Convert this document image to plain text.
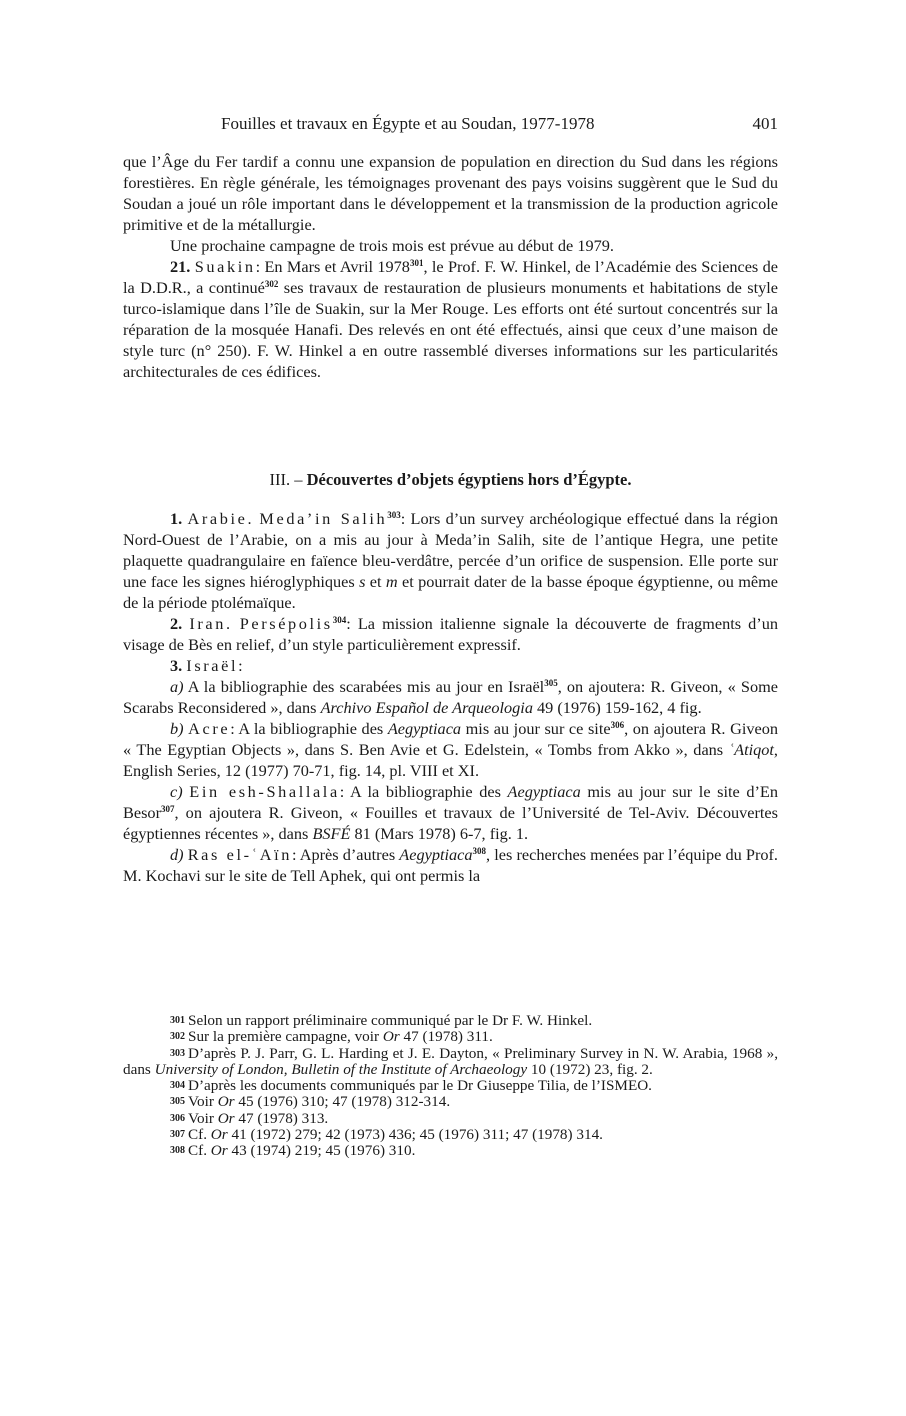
Fouilles et travaux en Égypte et au Soudan, 1977-1978	401

que l’Âge du Fer tardif a connu une expansion de population en direction du Sud dans les régions forestières. En règle générale, les témoignages provenant des pays voisins suggèrent que le Sud du Soudan a joué un rôle important dans le développement et la transmission de la production agricole primitive et de la métallurgie.

Une prochaine campagne de trois mois est prévue au début de 1979.

21. Suakin: En Mars et Avril 1978$^{301}$, le Prof. F. W. Hinkel, de l’Académie des Sciences de la D.D.R., a continué$^{302}$ ses travaux de restauration de plusieurs monuments et habitations de style turco-islamique dans l’île de Suakin, sur la Mer Rouge. Les efforts ont été surtout concentrés sur la réparation de la mosquée Hanafi. Des relevés en ont été effectués, ainsi que ceux d’une maison de style turc (n° 250). F. W. Hinkel a en outre rassemblé diverses informations sur les particularités architecturales de ces édifices.

III. – Découvertes d’objets égyptiens hors d’Égypte.

1. Arabie. Meda’in Salih$^{303}$: Lors d’un survey archéologique effectué dans la région Nord-Ouest de l’Arabie, on a mis au jour à Meda’in Salih, site de l’antique Hegra, une petite plaquette quadrangulaire en faïence bleu-verdâtre, percée d’un orifice de suspension. Elle porte sur une face les signes hiéroglyphiques s et m et pourrait dater de la basse époque égyptienne, ou même de la période ptolémaïque.

2. Iran. Persépolis$^{304}$: La mission italienne signale la découverte de fragments d’un visage de Bès en relief, d’un style particulièrement expressif.

3. Israël:

a) A la bibliographie des scarabées mis au jour en Israël$^{305}$, on ajoutera: R. Giveon, « Some Scarabs Reconsidered », dans Archivo Español de Arqueologia 49 (1976) 159-162, 4 fig.

b) Acre: A la bibliographie des Aegyptiaca mis au jour sur ce site$^{306}$, on ajoutera R. Giveon « The Egyptian Objects », dans S. Ben Avie et G. Edelstein, « Tombs from Akko », dans ʿAtiqot, English Series, 12 (1977) 70-71, fig. 14, pl. VIII et XI.

c) Ein esh-Shallala: A la bibliographie des Aegyptiaca mis au jour sur le site d’En Besor$^{307}$, on ajoutera R. Giveon, « Fouilles et travaux de l’Université de Tel-Aviv. Découvertes égyptiennes récentes », dans BSFÉ 81 (Mars 1978) 6-7, fig. 1.

d) Ras el-ʿAïn: Après d’autres Aegyptiaca$^{308}$, les recherches menées par l’équipe du Prof. M. Kochavi sur le site de Tell Aphek, qui ont permis la

301 Selon un rapport préliminaire communiqué par le Dr F. W. Hinkel.

302 Sur la première campagne, voir Or 47 (1978) 311.

303 D’après P. J. Parr, G. L. Harding et J. E. Dayton, « Preliminary Survey in N. W. Arabia, 1968 », dans University of London, Bulletin of the Institute of Archaeology 10 (1972) 23, fig. 2.

304 D’après les documents communiqués par le Dr Giuseppe Tilia, de l’ISMEO.

305 Voir Or 45 (1976) 310; 47 (1978) 312-314.

306 Voir Or 47 (1978) 313.

307 Cf. Or 41 (1972) 279; 42 (1973) 436; 45 (1976) 311; 47 (1978) 314.

308 Cf. Or 43 (1974) 219; 45 (1976) 310.
